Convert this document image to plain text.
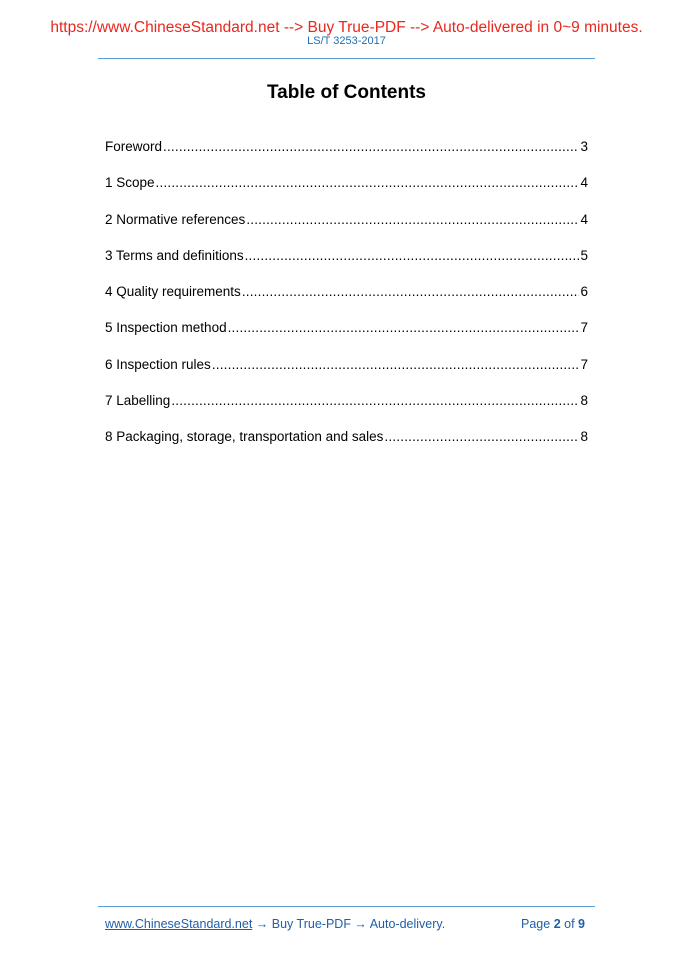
https://www.ChineseStandard.net --> Buy True-PDF --> Auto-delivered in 0~9 minutes.
LS/T 3253-2017
Table of Contents
Foreword .....	3
1 Scope .....	4
2 Normative references .....	4
3 Terms and definitions .....	5
4 Quality requirements .....	6
5 Inspection method .....	7
6 Inspection rules .....	7
7 Labelling .....	8
8 Packaging, storage, transportation and sales .....	8
www.ChineseStandard.net → Buy True-PDF → Auto-delivery.	Page 2 of 9
